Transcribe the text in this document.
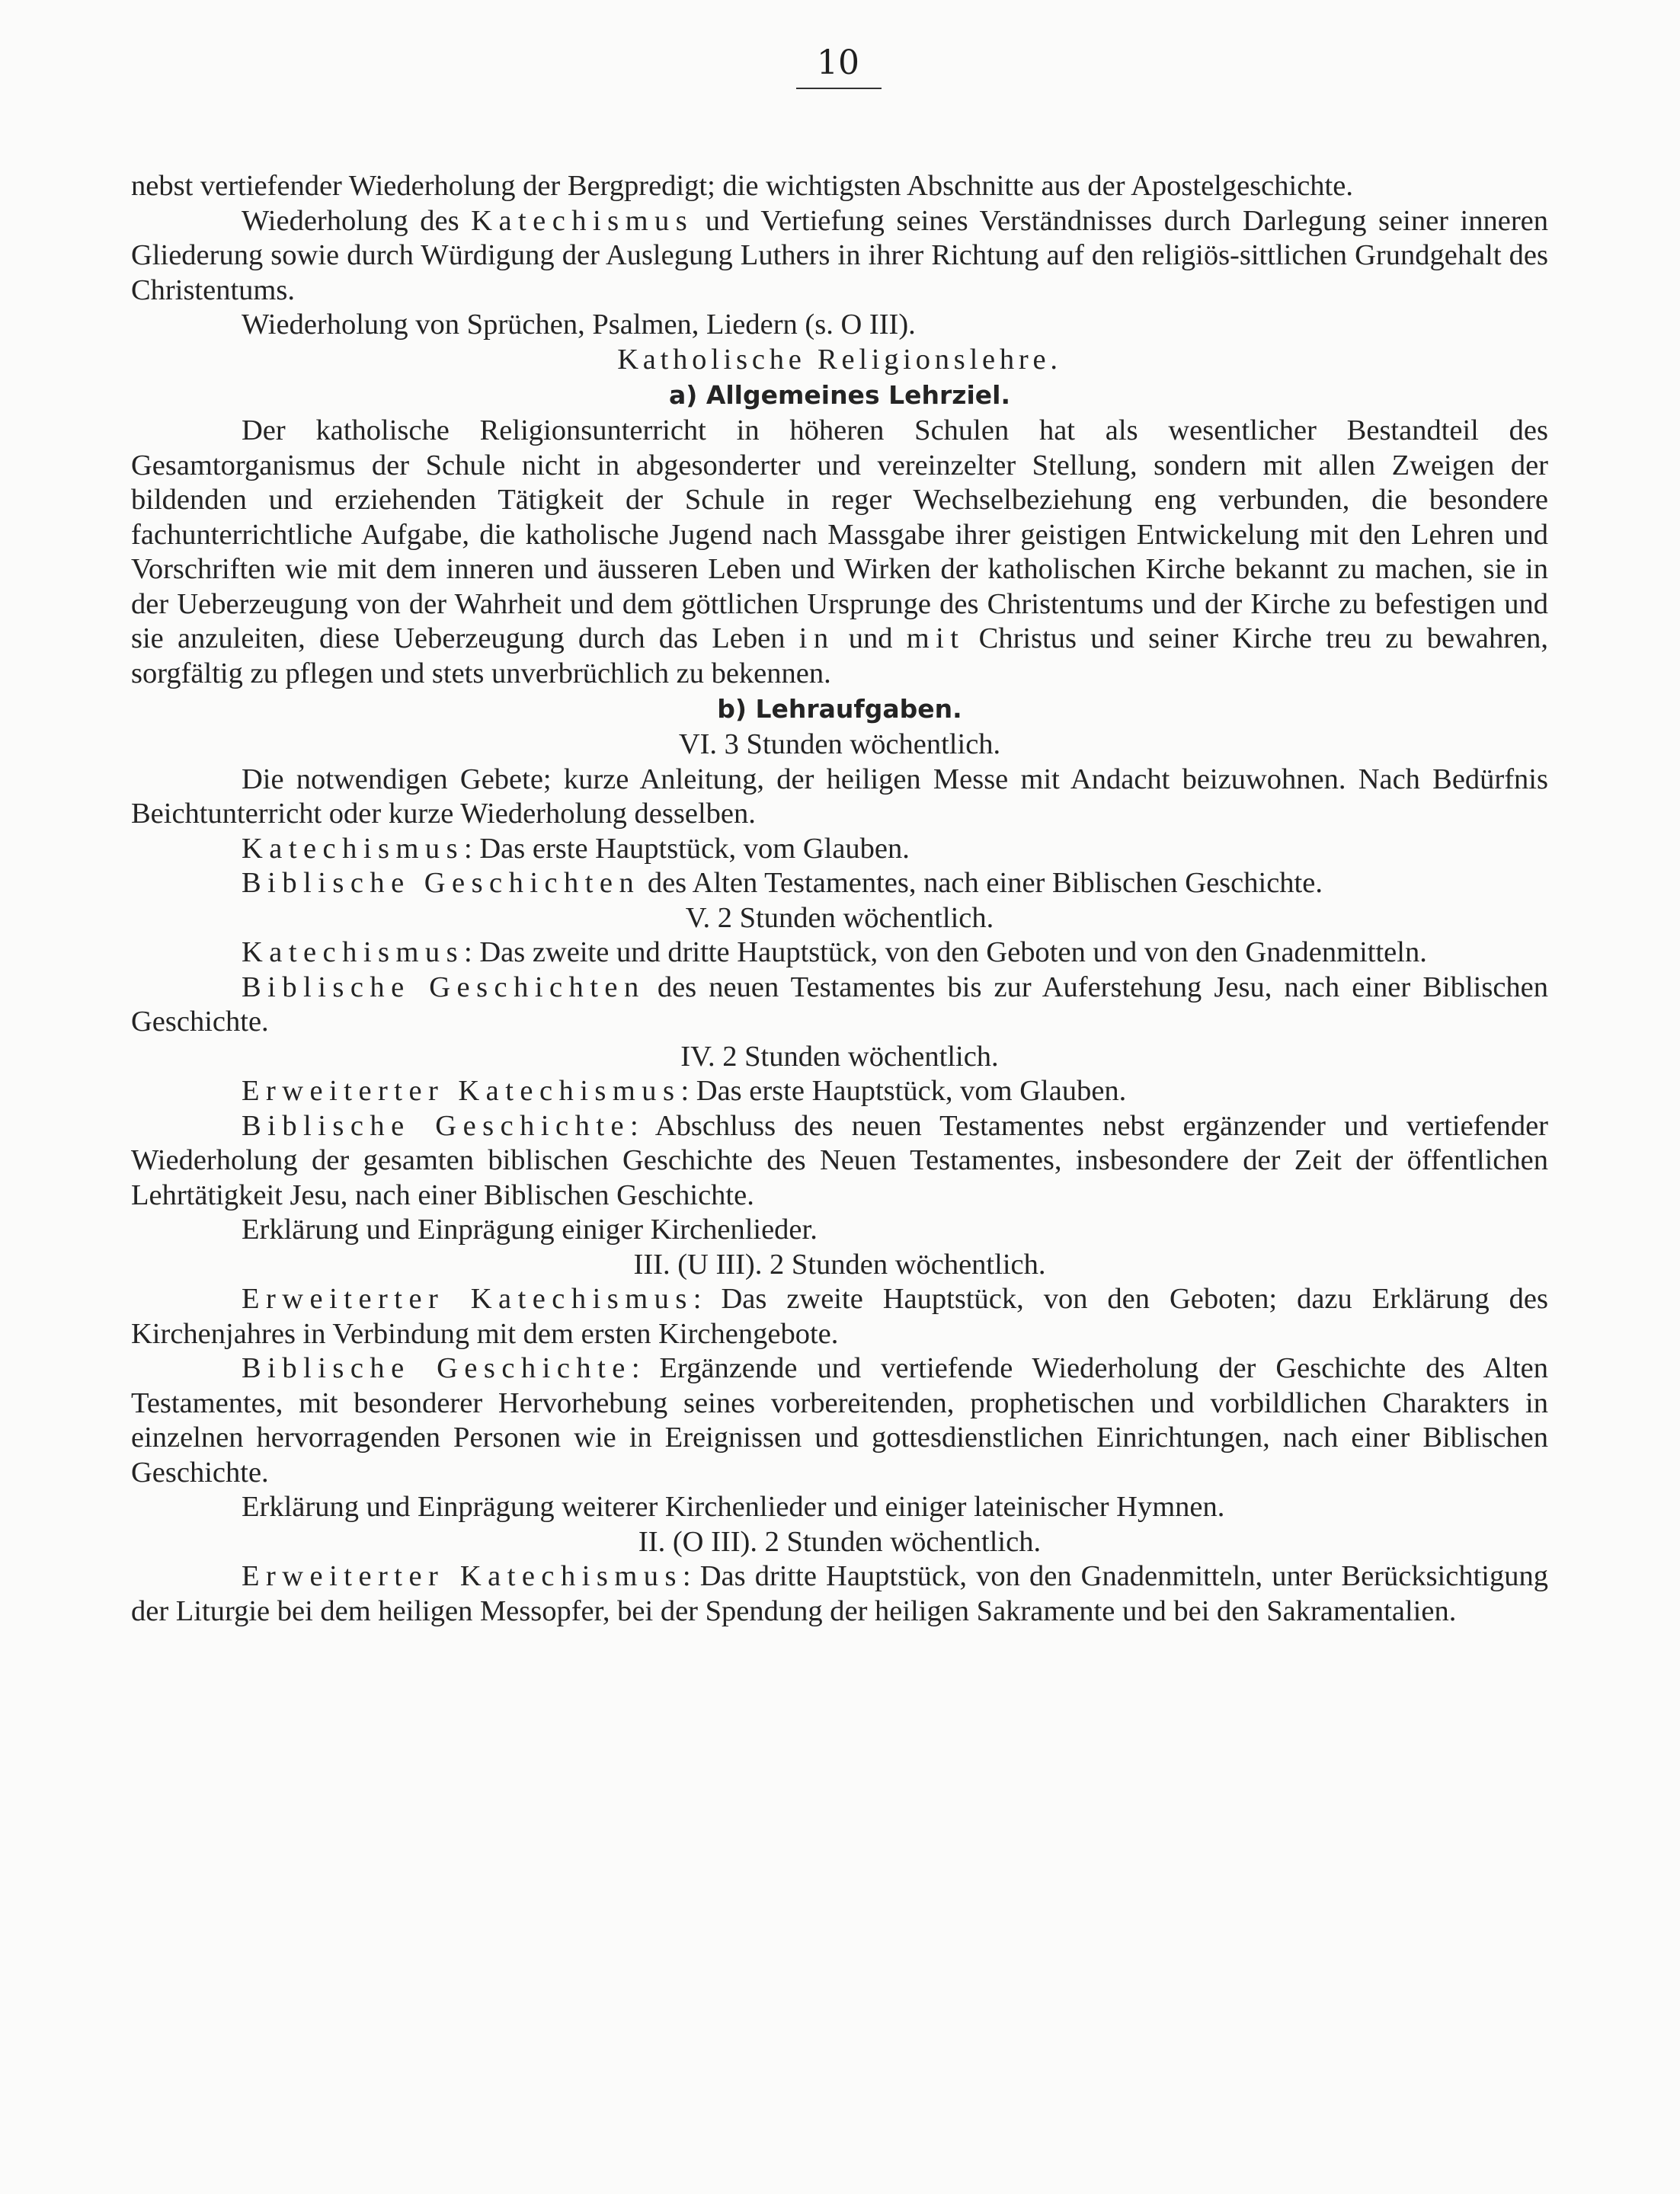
10

nebst vertiefender Wiederholung der Bergpredigt; die wichtigsten Abschnitte aus der Apostelgeschichte.

Wiederholung des Katechismus und Vertiefung seines Verständnisses durch Darlegung seiner inneren Gliederung sowie durch Würdigung der Auslegung Luthers in ihrer Richtung auf den religiös-sittlichen Grundgehalt des Christentums.

Wiederholung von Sprüchen, Psalmen, Liedern (s. O III).

Katholische Religionslehre.

a) Allgemeines Lehrziel.

Der katholische Religionsunterricht in höheren Schulen hat als wesentlicher Bestandteil des Gesamtorganismus der Schule nicht in abgesonderter und vereinzelter Stellung, sondern mit allen Zweigen der bildenden und erziehenden Tätigkeit der Schule in reger Wechselbeziehung eng verbunden, die besondere fachunterrichtliche Aufgabe, die katholische Jugend nach Massgabe ihrer geistigen Entwickelung mit den Lehren und Vorschriften wie mit dem inneren und äusseren Leben und Wirken der katholischen Kirche bekannt zu machen, sie in der Ueberzeugung von der Wahrheit und dem göttlichen Ursprunge des Christentums und der Kirche zu befestigen und sie anzuleiten, diese Ueberzeugung durch das Leben in und mit Christus und seiner Kirche treu zu bewahren, sorgfältig zu pflegen und stets unverbrüchlich zu bekennen.

b) Lehraufgaben.

VI. 3 Stunden wöchentlich.

Die notwendigen Gebete; kurze Anleitung, der heiligen Messe mit Andacht beizuwohnen. Nach Bedürfnis Beichtunterricht oder kurze Wiederholung desselben.

Katechismus: Das erste Hauptstück, vom Glauben.

Biblische Geschichten des Alten Testamentes, nach einer Biblischen Geschichte.

V. 2 Stunden wöchentlich.

Katechismus: Das zweite und dritte Hauptstück, von den Geboten und von den Gnadenmitteln.

Biblische Geschichten des neuen Testamentes bis zur Auferstehung Jesu, nach einer Biblischen Geschichte.

IV. 2 Stunden wöchentlich.

Erweiterter Katechismus: Das erste Hauptstück, vom Glauben.

Biblische Geschichte: Abschluss des neuen Testamentes nebst ergänzender und vertiefender Wiederholung der gesamten biblischen Geschichte des Neuen Testamentes, insbesondere der Zeit der öffentlichen Lehrtätigkeit Jesu, nach einer Biblischen Geschichte.

Erklärung und Einprägung einiger Kirchenlieder.

III. (U III). 2 Stunden wöchentlich.

Erweiterter Katechismus: Das zweite Hauptstück, von den Geboten; dazu Erklärung des Kirchenjahres in Verbindung mit dem ersten Kirchengebote.

Biblische Geschichte: Ergänzende und vertiefende Wiederholung der Geschichte des Alten Testamentes, mit besonderer Hervorhebung seines vorbereitenden, prophetischen und vorbildlichen Charakters in einzelnen hervorragenden Personen wie in Ereignissen und gottesdienstlichen Einrichtungen, nach einer Biblischen Geschichte.

Erklärung und Einprägung weiterer Kirchenlieder und einiger lateinischer Hymnen.

II. (O III). 2 Stunden wöchentlich.

Erweiterter Katechismus: Das dritte Hauptstück, von den Gnadenmitteln, unter Berücksichtigung der Liturgie bei dem heiligen Messopfer, bei der Spendung der heiligen Sakramente und bei den Sakramentalien.
